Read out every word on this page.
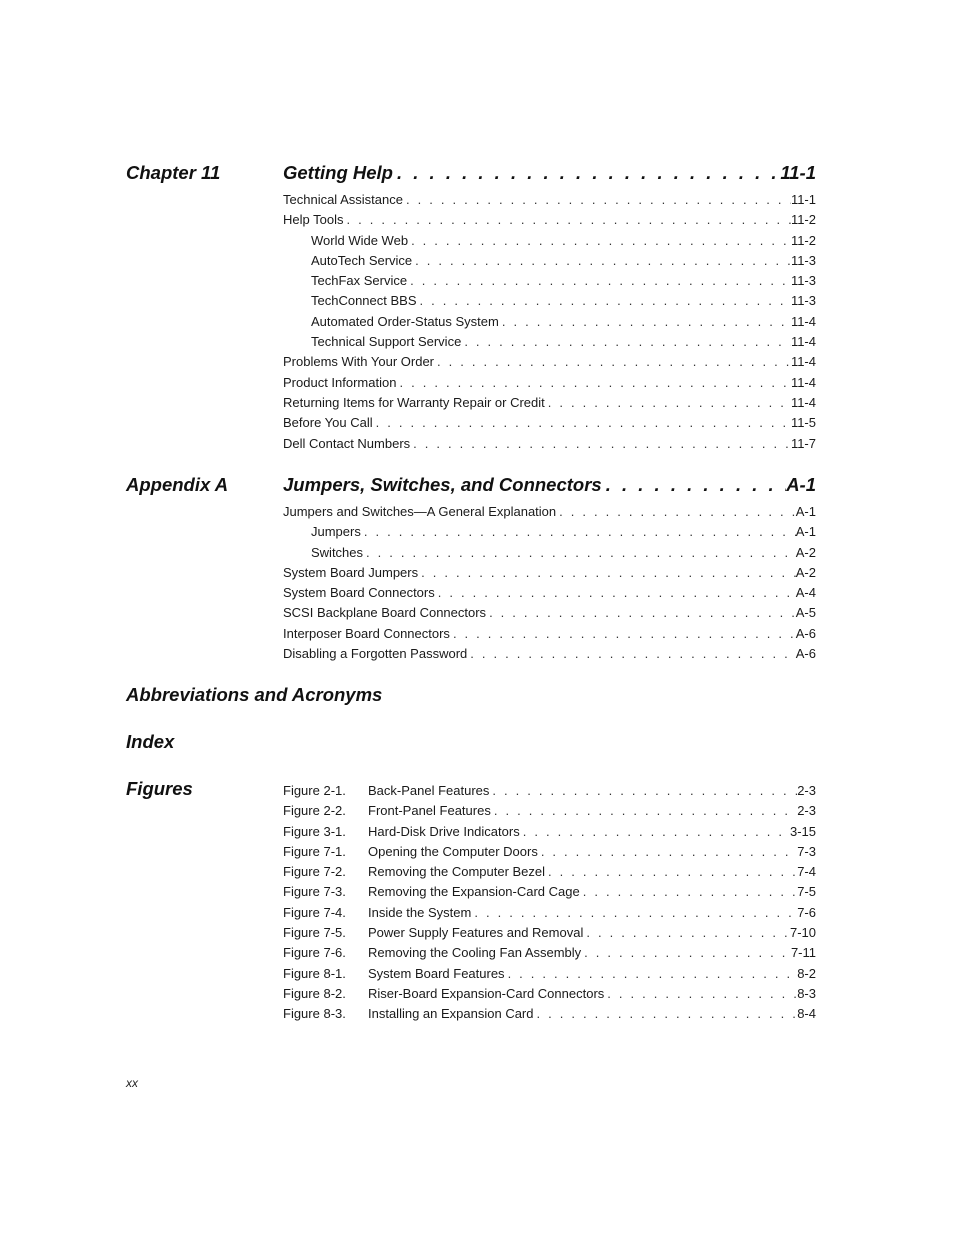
Chapter 11	Getting Help . . .	11-1
Technical Assistance . . .	11-1
Help Tools . . .	11-2
World Wide Web . . .	11-2
AutoTech Service . . .	11-3
TechFax Service . . .	11-3
TechConnect BBS . . .	11-3
Automated Order-Status System . . .	11-4
Technical Support Service . . .	11-4
Problems With Your Order . . .	11-4
Product Information . . .	11-4
Returning Items for Warranty Repair or Credit . . .	11-4
Before You Call . . .	11-5
Dell Contact Numbers . . .	11-7
Appendix A	Jumpers, Switches, and Connectors . . .	A-1
Jumpers and Switches—A General Explanation . . .	A-1
Jumpers . . .	A-1
Switches . . .	A-2
System Board Jumpers . . .	A-2
System Board Connectors . . .	A-4
SCSI Backplane Board Connectors . . .	A-5
Interposer Board Connectors . . .	A-6
Disabling a Forgotten Password . . .	A-6
Abbreviations and Acronyms
Index
Figures	Figure 2-1.	Back-Panel Features . . .	2-3
Figure 2-2.	Front-Panel Features . . .	2-3
Figure 3-1.	Hard-Disk Drive Indicators . . .	3-15
Figure 7-1.	Opening the Computer Doors . . .	7-3
Figure 7-2.	Removing the Computer Bezel . . .	7-4
Figure 7-3.	Removing the Expansion-Card Cage . . .	7-5
Figure 7-4.	Inside the System . . .	7-6
Figure 7-5.	Power Supply Features and Removal . . .	7-10
Figure 7-6.	Removing the Cooling Fan Assembly . . .	7-11
Figure 8-1.	System Board Features . . .	8-2
Figure 8-2.	Riser-Board Expansion-Card Connectors . . .	8-3
Figure 8-3.	Installing an Expansion Card . . .	8-4
xx
